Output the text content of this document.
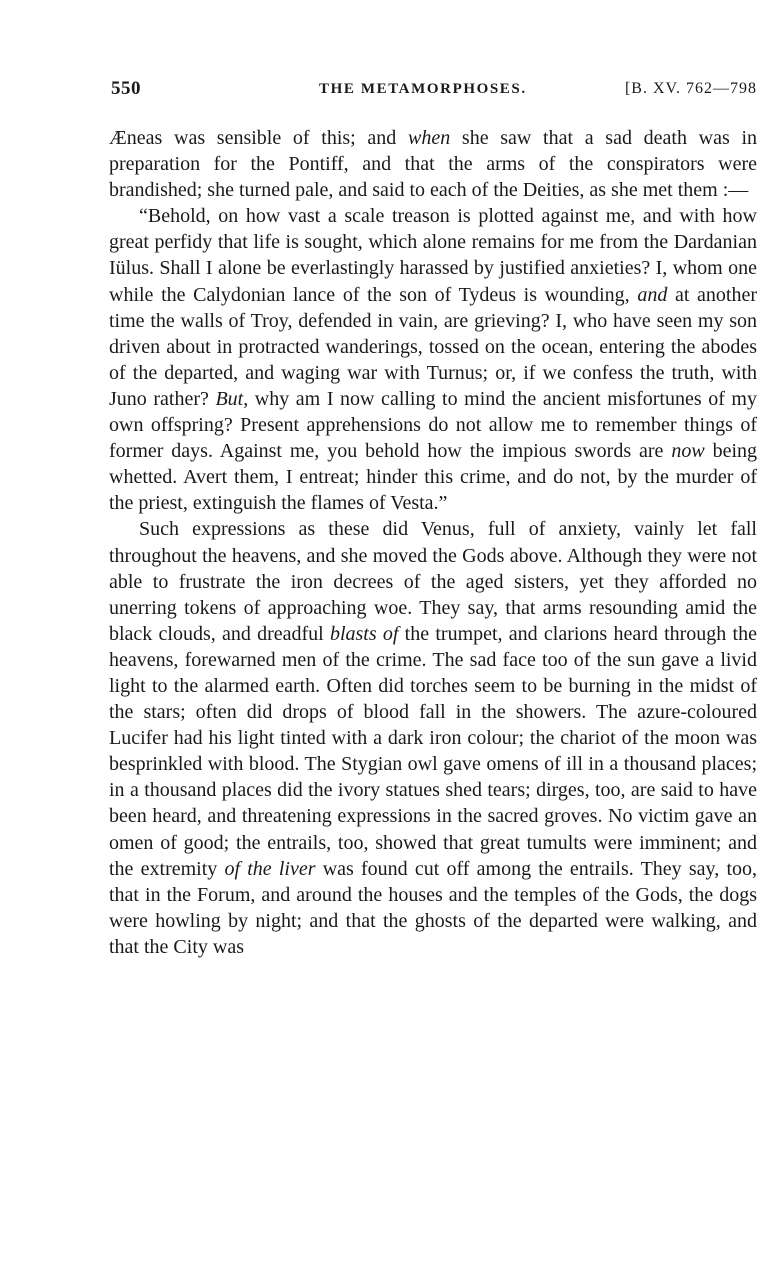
550	THE METAMORPHOSES.	[B. XV. 762—798

Æneas was sensible of this; and when she saw that a sad death was in preparation for the Pontiff, and that the arms of the conspirators were brandished; she turned pale, and said to each of the Deities, as she met them :—

“Behold, on how vast a scale treason is plotted against me, and with how great perfidy that life is sought, which alone remains for me from the Dardanian Iülus. Shall I alone be everlastingly harassed by justified anxieties? I, whom one while the Calydonian lance of the son of Tydeus is wounding, and at another time the walls of Troy, defended in vain, are grieving? I, who have seen my son driven about in protracted wanderings, tossed on the ocean, entering the abodes of the departed, and waging war with Turnus; or, if we confess the truth, with Juno rather? But, why am I now calling to mind the ancient misfortunes of my own offspring? Present apprehensions do not allow me to remember things of former days. Against me, you behold how the impious swords are now being whetted. Avert them, I entreat; hinder this crime, and do not, by the murder of the priest, extinguish the flames of Vesta.”

Such expressions as these did Venus, full of anxiety, vainly let fall throughout the heavens, and she moved the Gods above. Although they were not able to frustrate the iron decrees of the aged sisters, yet they afforded no unerring tokens of approaching woe. They say, that arms resounding amid the black clouds, and dreadful blasts of the trumpet, and clarions heard through the heavens, forewarned men of the crime. The sad face too of the sun gave a livid light to the alarmed earth. Often did torches seem to be burning in the midst of the stars; often did drops of blood fall in the showers. The azure-coloured Lucifer had his light tinted with a dark iron colour; the chariot of the moon was besprinkled with blood. The Stygian owl gave omens of ill in a thousand places; in a thousand places did the ivory statues shed tears; dirges, too, are said to have been heard, and threatening expressions in the sacred groves. No victim gave an omen of good; the entrails, too, showed that great tumults were imminent; and the extremity of the liver was found cut off among the entrails. They say, too, that in the Forum, and around the houses and the temples of the Gods, the dogs were howling by night; and that the ghosts of the departed were walking, and that the City was
